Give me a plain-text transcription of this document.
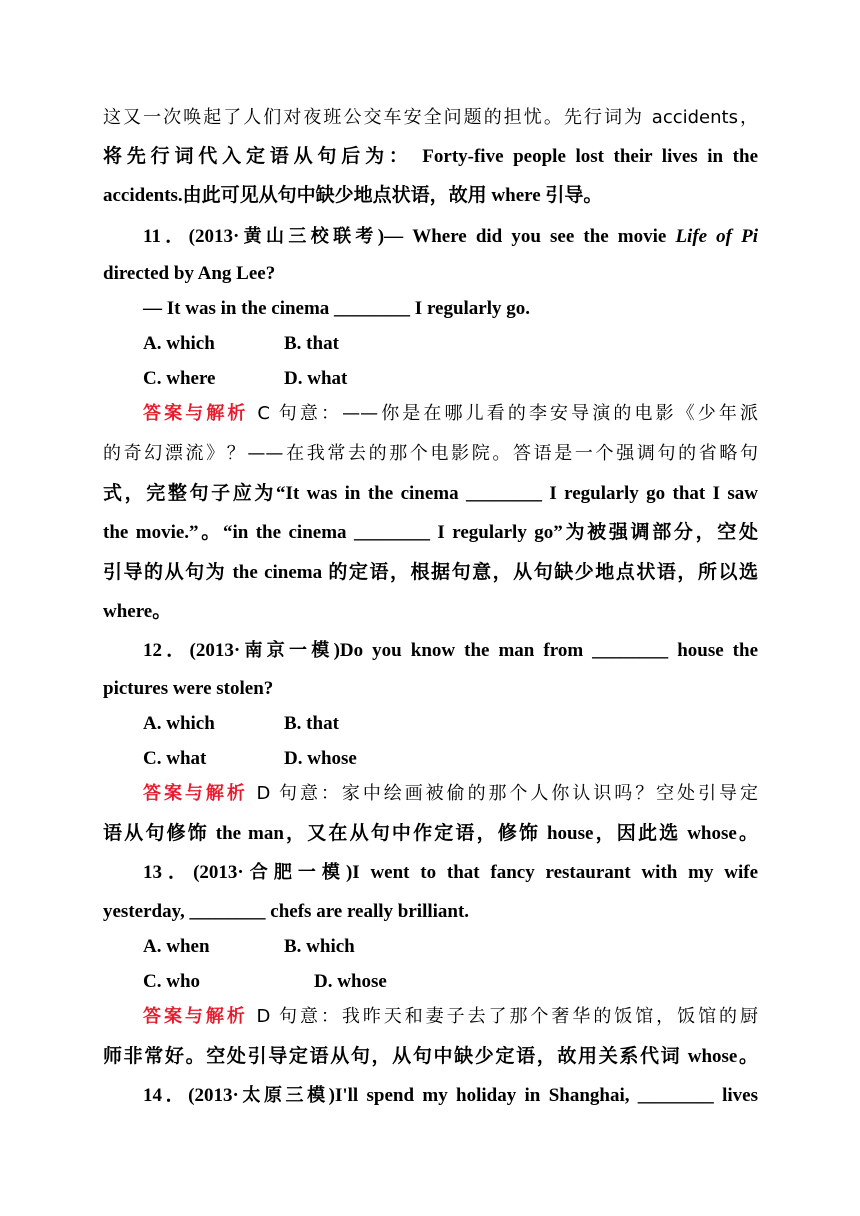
这又一次唤起了人们对夜班公交车安全问题的担忧。先行词为 accidents，
将先行词代入定语从句后为： Forty-five people lost their lives in the
accidents.由此可见从句中缺少地点状语，故用 where 引导。
11．(2013·黄山三校联考)— Where did you see the movie Life of Pi
directed by Ang Lee?
— It was in the cinema ________ I regularly go.
A. which	B. that
C. where	D. what
答案与解析 C 句意：——你是在哪儿看的李安导演的电影《少年派
的奇幻漂流》？——在我常去的那个电影院。答语是一个强调句的省略句
式，完整句子应为“It was in the cinema ________ I regularly go that I saw
the movie.”。“in the cinema ________ I regularly go”为被强调部分，空处
引导的从句为 the cinema 的定语，根据句意，从句缺少地点状语，所以选
where。
12．(2013·南京一模)Do you know the man from ________ house the
pictures were stolen?
A. which	B. that
C. what	D. whose
答案与解析 D 句意：家中绘画被偷的那个人你认识吗？空处引导定
语从句修饰 the man，又在从句中作定语，修饰 house，因此选 whose。
13．(2013·合肥一模)I went to that fancy restaurant with my wife
yesterday, ________ chefs are really brilliant.
A. when	B. which
C. who	D. whose
答案与解析 D 句意：我昨天和妻子去了那个奢华的饭馆，饭馆的厨
师非常好。空处引导定语从句，从句中缺少定语，故用关系代词 whose。
14．(2013·太原三模)I'll spend my holiday in Shanghai, ________ lives
